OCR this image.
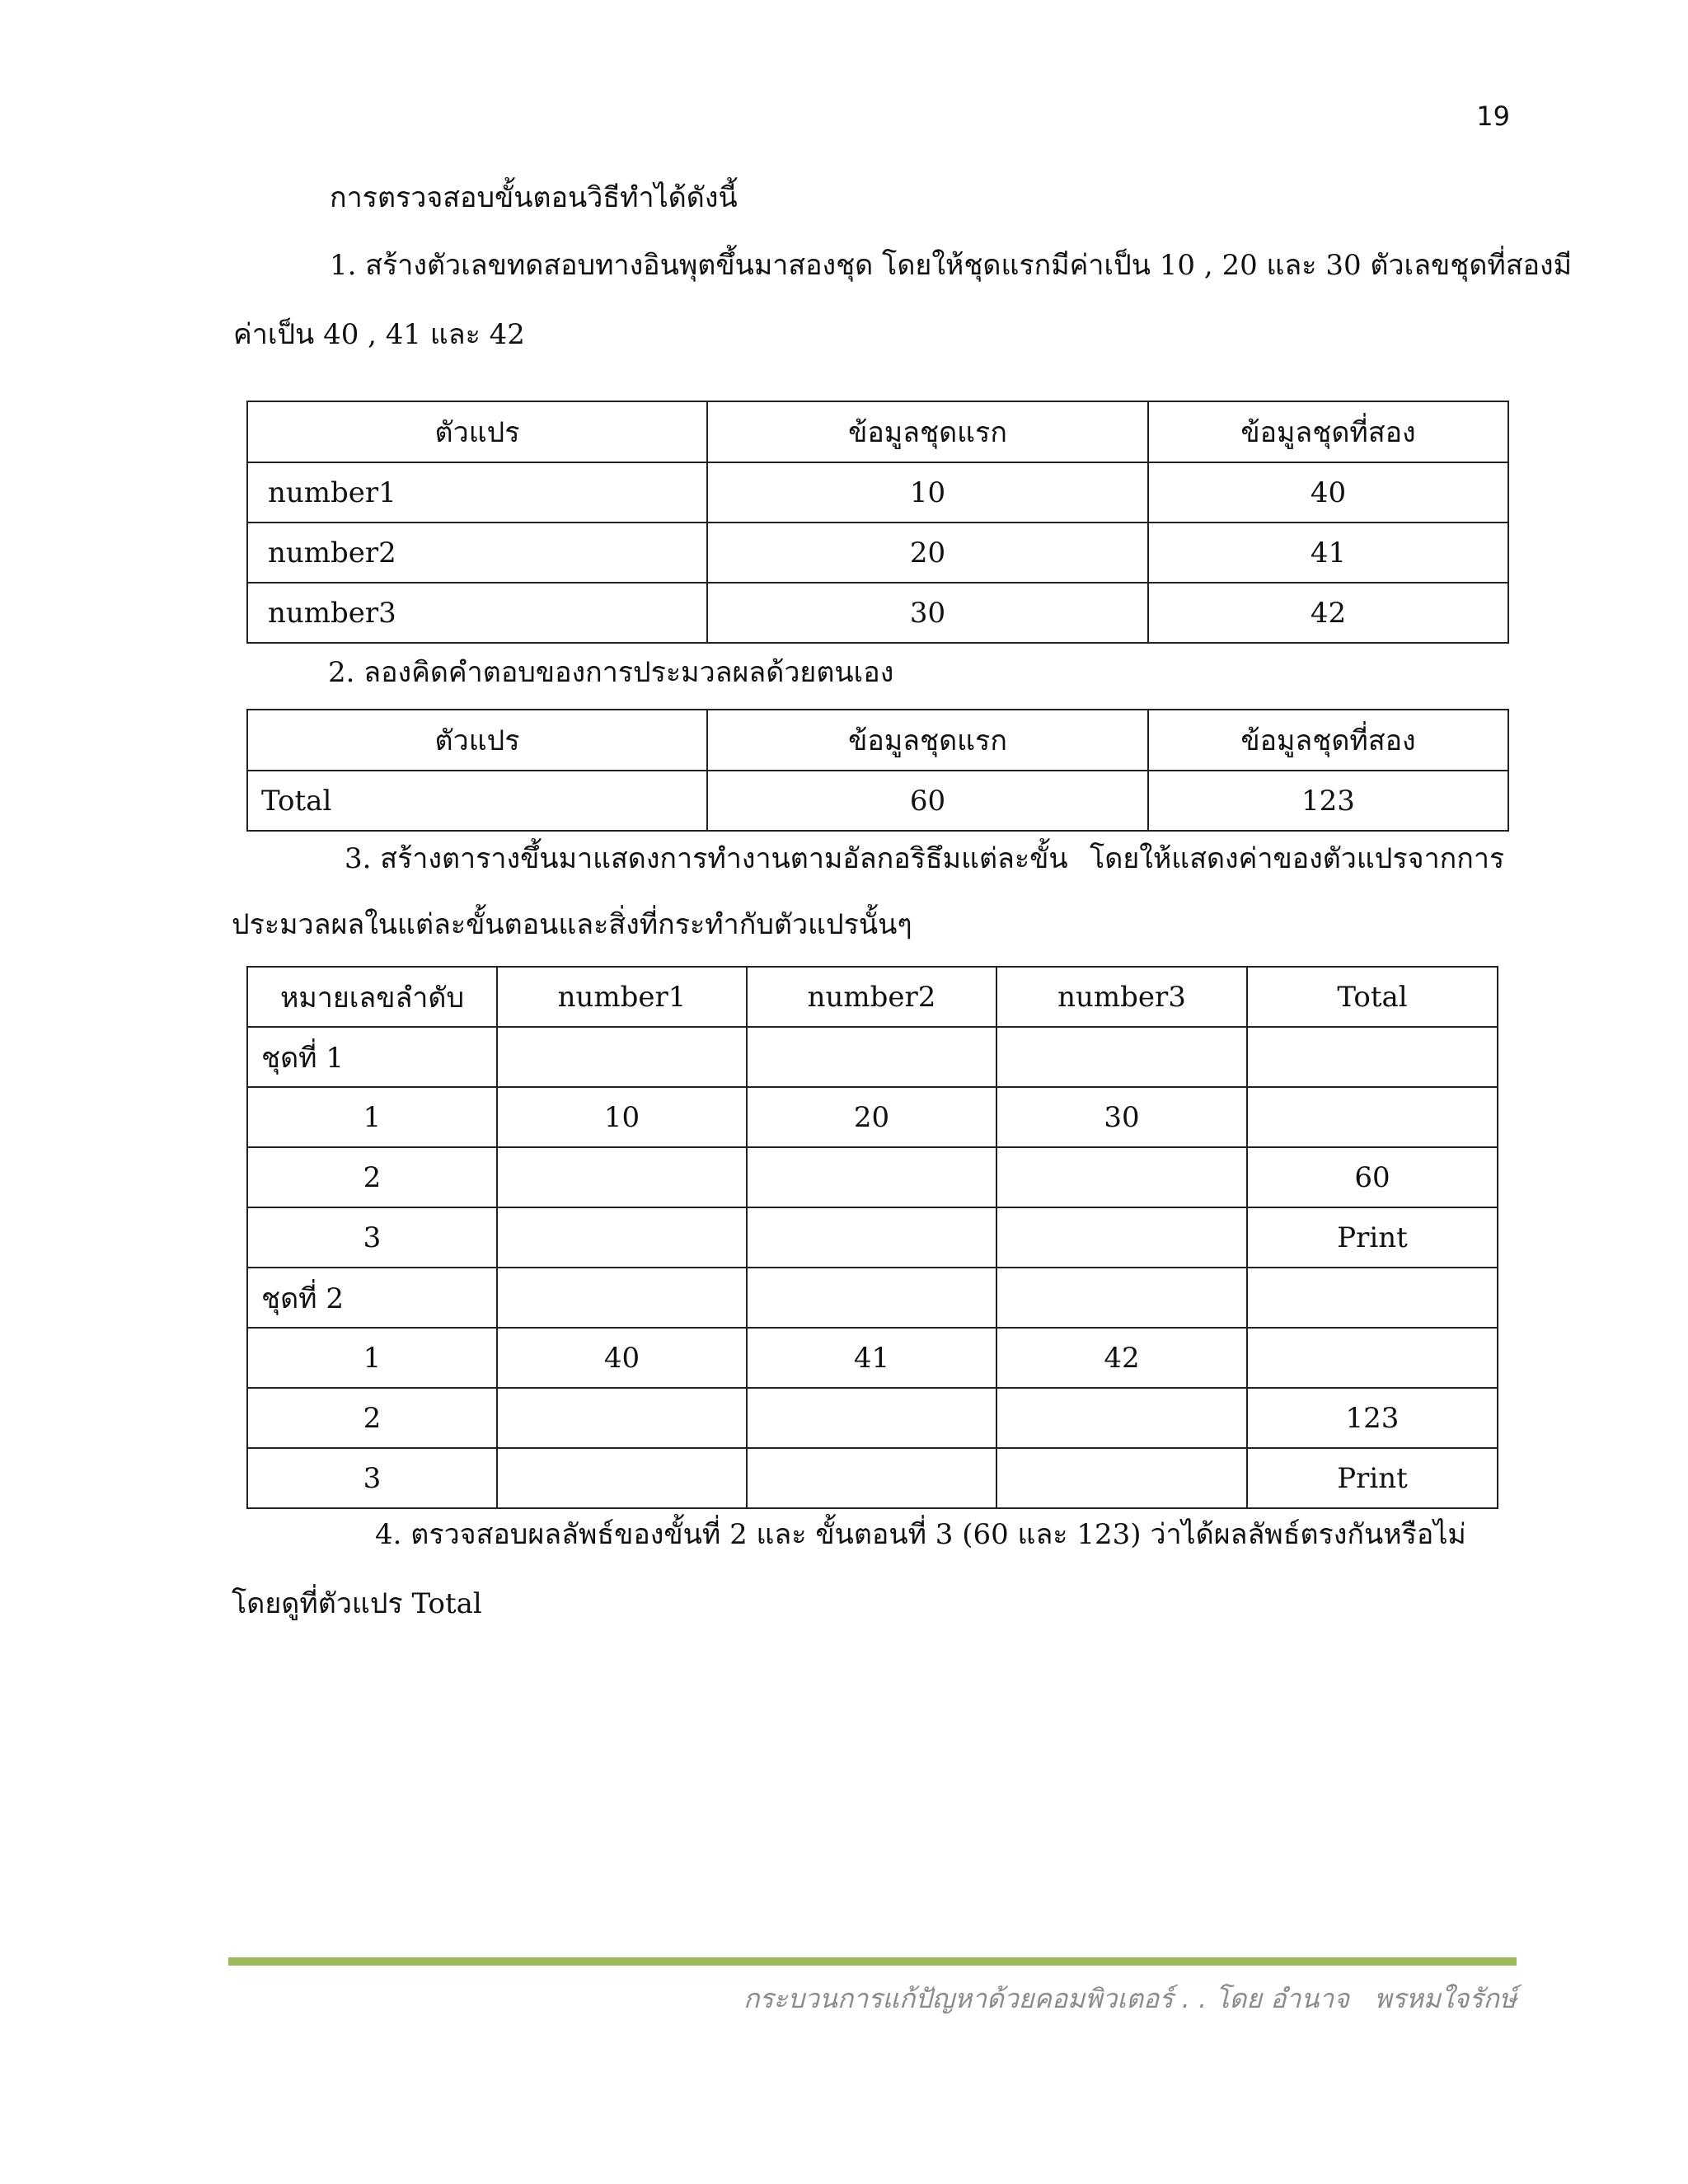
19
การตรวจสอบขั้นตอนวิธีทำได้ดังนี้
1. สร้างตัวเลขทดสอบทางอินพุตขึ้นมาสองชุด โดยให้ชุดแรกมีค่าเป็น 10 , 20 และ 30 ตัวเลขชุดที่สองมี
ค่าเป็น 40 , 41 และ 42
ตัวแปร	ข้อมูลชุดแรก	ข้อมูลชุดที่สอง
number1	10	40
number2	20	41
number3	30	42
2. ลองคิดคำตอบของการประมวลผลด้วยตนเอง
ตัวแปร	ข้อมูลชุดแรก	ข้อมูลชุดที่สอง
Total	60	123
3. สร้างตารางขึ้นมาแสดงการทำงานตามอัลกอริธึมแต่ละขั้น โดยให้แสดงค่าของตัวแปรจากการ
ประมวลผลในแต่ละขั้นตอนและสิ่งที่กระทำกับตัวแปรนั้นๆ
หมายเลขลำดับ	number1	number2	number3	Total
ชุดที่ 1				
1	10	20	30	
2				60
3				Print
ชุดที่ 2				
1	40	41	42	
2				123
3				Print
4. ตรวจสอบผลลัพธ์ของขั้นที่ 2 และ ขั้นตอนที่ 3 (60 และ 123) ว่าได้ผลลัพธ์ตรงกันหรือไม่
โดยดูที่ตัวแปร Total
กระบวนการแก้ปัญหาด้วยคอมพิวเตอร์ . . โดย อำนาจ   พรหมใจรักษ์
